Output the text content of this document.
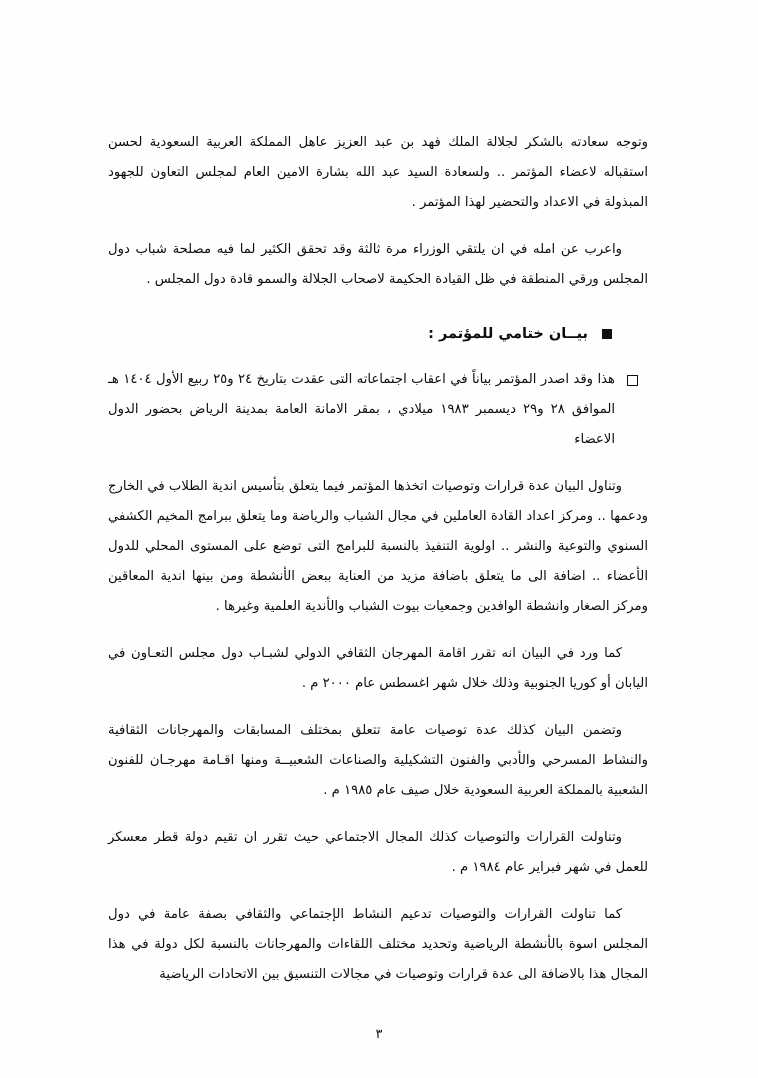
وتوجه سعادته بالشكر لجلالة الملك فهد بن عبد العزيز عاهل المملكة العربية السعودية لحسن استقباله لاعضاء المؤتمر .. ولسعادة السيد عبد الله بشارة الامين العام لمجلس التعاون للجهود المبذولة في الاعداد والتحضير لهذا المؤتمر .

واعرب عن امله في ان يلتقي الوزراء مرة ثالثة وقد تحقق الكثير لما فيه مصلحة شباب دول المجلس ورقي المنطقة في ظل القيادة الحكيمة لاصحاب الجلالة والسمو قادة دول المجلس .

بيــان ختامي للمؤتمر :
هذا وقد اصدر المؤتمر بياناً في اعقاب اجتماعاته التى عقدت بتاريخ ٢٤ و٢٥ ربيع الأول ١٤٠٤ هـ الموافق ٢٨ و٢٩ ديسمبر ١٩٨٣ ميلادي ، بمقر الامانة العامة بمدينة الرياض بحضور الدول الاعضاء

وتناول البيان عدة قرارات وتوصيات اتخذها المؤتمر فيما يتعلق بتأسيس اندية الطلاب في الخارج ودعمها .. ومركز اعداد القادة العاملين في مجال الشباب والرياضة وما يتعلق ببرامج المخيم الكشفي السنوي والتوعية والنشر .. اولوية التنفيذ بالنسبة للبرامج التى توضع على المستوى المحلي للدول الأعضاء .. اضافة الى ما يتعلق باضافة مزيد من العناية ببعض الأنشطة ومن بينها اندية المعاقين ومركز الصغار وانشطة الوافدين وجمعيات بيوت الشباب والأندية العلمية وغيرها .

كما ورد في البيان انه تقرر اقامة المهرجان الثقافي الدولي لشبـاب دول مجلس التعـاون في اليابان أو كوريا الجنوبية وذلك خلال شهر اغسطس عام ٢٠٠٠ م .

وتضمن البيان كذلك عدة توصيات عامة تتعلق بمختلف المسابقات والمهرجانات الثقافية والنشاط المسرحي والأدبي والفنون التشكيلية والصناعات الشعبيــة ومنها اقـامة مهرجـان للفنون الشعبية بالمملكة العربية السعودية خلال صيف عام ١٩٨٥ م .

وتناولت القرارات والتوصيات كذلك المجال الاجتماعي حيث تقرر ان تقيم دولة قطر معسكر للعمل في شهر فبراير عام ١٩٨٤ م .

كما تناولت القرارات والتوصيات تدعيم النشاط الإجتماعي والثقافي بصفة عامة في دول المجلس اسوة بالأنشطة الرياضية وتحديد مختلف اللقاءات والمهرجانات بالنسبة لكل دولة في هذا المجال هذا بالاضافة الى عدة قرارات وتوصيات في مجالات التنسيق بين الاتحادات الرياضية

٣
